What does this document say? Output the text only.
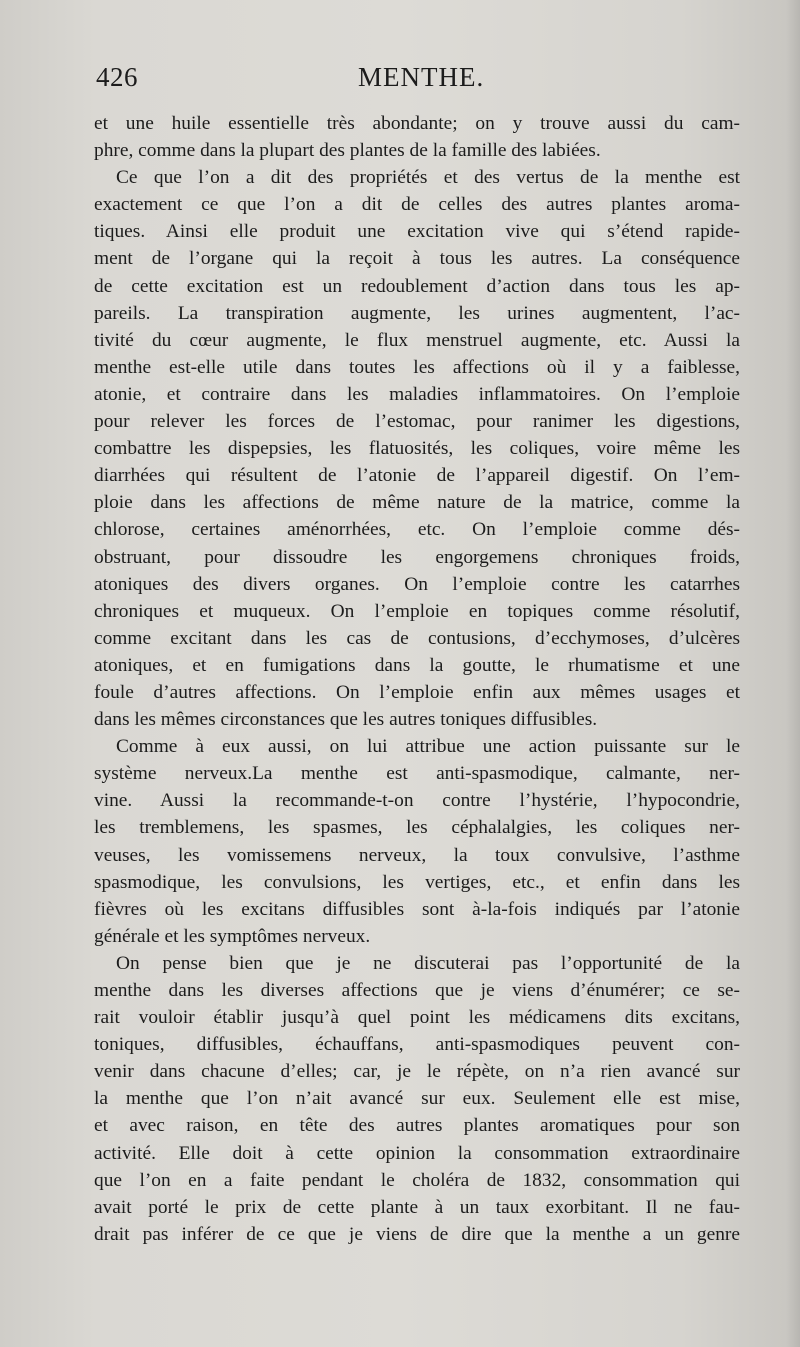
426	MENTHE.
et une huile essentielle très abondante; on y trouve aussi du cam-
phre, comme dans la plupart des plantes de la famille des labiées.
Ce que l’on a dit des propriétés et des vertus de la menthe est
exactement ce que l’on a dit de celles des autres plantes aroma-
tiques. Ainsi elle produit une excitation vive qui s’étend rapide-
ment de l’organe qui la reçoit à tous les autres. La conséquence
de cette excitation est un redoublement d’action dans tous les ap-
pareils. La transpiration augmente, les urines augmentent, l’ac-
tivité du cœur augmente, le flux menstruel augmente, etc. Aussi la
menthe est-elle utile dans toutes les affections où il y a faiblesse,
atonie, et contraire dans les maladies inflammatoires. On l’emploie
pour relever les forces de l’estomac, pour ranimer les digestions,
combattre les dispepsies, les flatuosités, les coliques, voire même les
diarrhées qui résultent de l’atonie de l’appareil digestif. On l’em-
ploie dans les affections de même nature de la matrice, comme la
chlorose, certaines aménorrhées, etc. On l’emploie comme dés-
obstruant, pour dissoudre les engorgemens chroniques froids,
atoniques des divers organes. On l’emploie contre les catarrhes
chroniques et muqueux. On l’emploie en topiques comme résolutif,
comme excitant dans les cas de contusions, d’ecchymoses, d’ulcères
atoniques, et en fumigations dans la goutte, le rhumatisme et une
foule d’autres affections. On l’emploie enfin aux mêmes usages et
dans les mêmes circonstances que les autres toniques diffusibles.
Comme à eux aussi, on lui attribue une action puissante sur le
système nerveux.La menthe est anti-spasmodique, calmante, ner-
vine. Aussi la recommande-t-on contre l’hystérie, l’hypocondrie,
les tremblemens, les spasmes, les céphalalgies, les coliques ner-
veuses, les vomissemens nerveux, la toux convulsive, l’asthme
spasmodique, les convulsions, les vertiges, etc., et enfin dans les
fièvres où les excitans diffusibles sont à-la-fois indiqués par l’atonie
générale et les symptômes nerveux.
On pense bien que je ne discuterai pas l’opportunité de la
menthe dans les diverses affections que je viens d’énumérer; ce se-
rait vouloir établir jusqu’à quel point les médicamens dits excitans,
toniques, diffusibles, échauffans, anti-spasmodiques peuvent con-
venir dans chacune d’elles; car, je le répète, on n’a rien avancé sur
la menthe que l’on n’ait avancé sur eux. Seulement elle est mise,
et avec raison, en tête des autres plantes aromatiques pour son
activité. Elle doit à cette opinion la consommation extraordinaire
que l’on en a faite pendant le choléra de 1832, consommation qui
avait porté le prix de cette plante à un taux exorbitant. Il ne fau-
drait pas inférer de ce que je viens de dire que la menthe a un genre
